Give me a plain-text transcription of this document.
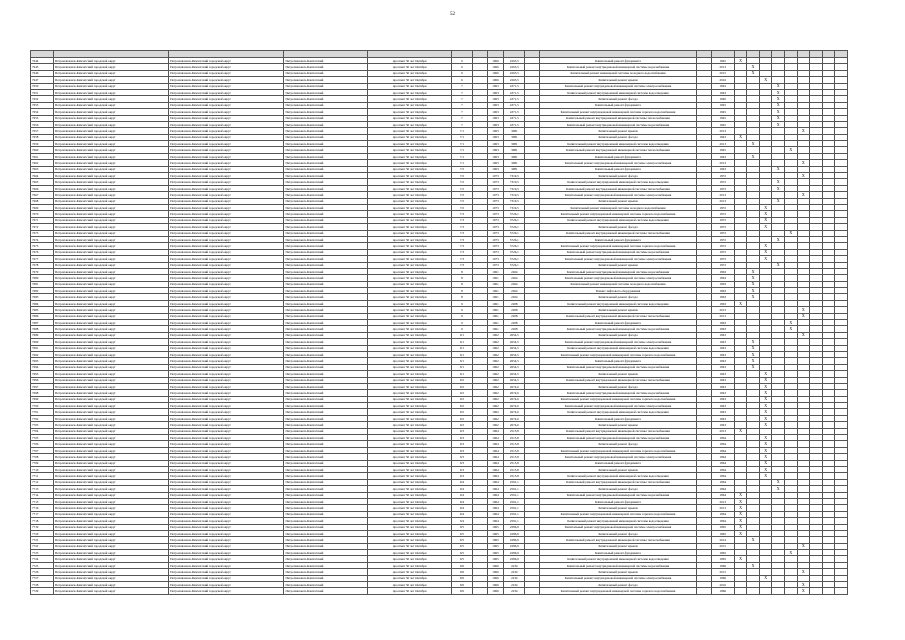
52

7644	Петропавловск-Камчатский городской округ	Петропавловск-Камчатский городской округ	Петропавловск-Камчатский	проспект 50 лет Октября	6		1966	2263,5		Капитальный ремонт фундамента		1845	X								
7645	Петропавловск-Камчатский городской округ	Петропавловск-Камчатский городской округ	Петропавловск-Камчатский	проспект 50 лет Октября	6		1966	2263,5		Капитальный ремонт внутридомовой инженерной системы водоснабжения		2013		X							
7646	Петропавловск-Камчатский городской округ	Петропавловск-Камчатский городской округ	Петропавловск-Камчатский	проспект 50 лет Октября	6		1966	2263,5		Капитальный ремонт инженерной системы холодного водоснабжения		2015		X							
7647	Петропавловск-Камчатский городской округ	Петропавловск-Камчатский городской округ	Петропавловск-Камчатский	проспект 50 лет Октября	6		1966	2263,5		Капитальный ремонт крыши		2016			X						
7650	Петропавловск-Камчатский городской округ	Петропавловск-Камчатский городской округ	Петропавловск-Камчатский	проспект 50 лет Октября	7		1963	4371,5		Капитальный ремонт внутридомовой инженерной системы электроснабжения		1845				X					
7651	Петропавловск-Камчатский городской округ	Петропавловск-Камчатский городской округ	Петропавловск-Камчатский	проспект 50 лет Октября	7		1963	4371,5		Капитальный ремонт внутридомовой инженерной системы водоотведения		1843				X					
7652	Петропавловск-Камчатский городской округ	Петропавловск-Камчатский городской округ	Петропавловск-Камчатский	проспект 50 лет Октября	7		1963	4371,5		Капитальный ремонт фасада		1840				X					
7653	Петропавловск-Камчатский городской округ	Петропавловск-Камчатский городской округ	Петропавловск-Камчатский	проспект 50 лет Октября	7		1963	4371,5		Капитальный ремонт фундамента		1845				X					
7654	Петропавловск-Камчатский городской округ	Петропавловск-Камчатский городской округ	Петропавловск-Камчатский	проспект 50 лет Октября	7		1963	4371,5		Капитальный ремонт внутридомовой инженерной системы горячего водоснабжения		1845				X					
7655	Петропавловск-Камчатский городской округ	Петропавловск-Камчатский городской округ	Петропавловск-Камчатский	проспект 50 лет Октября	7		1963	4371,5		Капитальный ремонт внутридомовой инженерной системы теплоснабжения		1845				X					
7656	Петропавловск-Камчатский городской округ	Петропавловск-Камчатский городской округ	Петропавловск-Камчатский	проспект 50 лет Октября	7		1963	4371,5		Капитальный ремонт внутридомовой инженерной системы водоснабжения		1845				X					
7657	Петропавловск-Камчатский городской округ	Петропавловск-Камчатский городской округ	Петропавловск-Камчатский	проспект 50 лет Октября	7/1		1963	3081		Капитальный ремонт крыши		2013						X			
7658	Петропавловск-Камчатский городской округ	Петропавловск-Камчатский городской округ	Петропавловск-Камчатский	проспект 50 лет Октября	7/1		1963	3081		Капитальный ремонт фасада		1843	X								
7659	Петропавловск-Камчатский городской округ	Петропавловск-Камчатский городской округ	Петропавловск-Камчатский	проспект 50 лет Октября	7/1		1963	3081		Капитальный ремонт внутридомовой инженерной системы водоотведения		2013		X							
7660	Петропавловск-Камчатский городской округ	Петропавловск-Камчатский городской округ	Петропавловск-Камчатский	проспект 50 лет Октября	7/1		1963	3081		Капитальный ремонт внутридомовой инженерной системы теплоснабжения		1845					X				
7661	Петропавловск-Камчатский городской округ	Петропавловск-Камчатский городской округ	Петропавловск-Камчатский	проспект 50 лет Октября	7/1		1963	3081		Капитальный ремонт фундамента		1843		X							
7662	Петропавловск-Камчатский городской округ	Петропавловск-Камчатский городской округ	Петропавловск-Камчатский	проспект 50 лет Октября	7/1		1963	3081		Капитальный ремонт внутридомовой инженерной системы электроснабжения		2013						X			
7663	Петропавловск-Камчатский городской округ	Петропавловск-Камчатский городской округ	Петропавловск-Камчатский	проспект 50 лет Октября	7/2		1963	3081		Капитальный ремонт фундамента		1843				X					
7664	Петропавловск-Камчатский городской округ	Петропавловск-Камчатский городской округ	Петропавловск-Камчатский	проспект 50 лет Октября	7/2		1973	7319,5		Капитальный ремонт фасада		1872						X			
7665	Петропавловск-Камчатский городской округ	Петропавловск-Камчатский городской округ	Петропавловск-Камчатский	проспект 50 лет Октября	7/2		1973	7319,5		Капитальный ремонт внутридомовой инженерной системы водоотведения		1872				X					
7666	Петропавловск-Камчатский городской округ	Петропавловск-Камчатский городской округ	Петропавловск-Камчатский	проспект 50 лет Октября	7/2		1973	7319,5		Капитальный ремонт внутридомовой инженерной системы теплоснабжения		1872				X					
7667	Петропавловск-Камчатский городской округ	Петропавловск-Камчатский городской округ	Петропавловск-Камчатский	проспект 50 лет Октября	7/2		1973	7319,5		Капитальный ремонт внутридомовой инженерной системы электроснабжения		2013						X			
7668	Петропавловск-Камчатский городской округ	Петропавловск-Камчатский городской округ	Петропавловск-Камчатский	проспект 50 лет Октября	7/2		1973	7319,5		Капитальный ремонт крыши		2013				X					
7669	Петропавловск-Камчатский городской округ	Петропавловск-Камчатский городской округ	Петропавловск-Камчатский	проспект 50 лет Октября	7/2		1973	7319,5		Капитальный ремонт инженерной системы холодного водоснабжения		1872			X						
7670	Петропавловск-Камчатский городской округ	Петропавловск-Камчатский городской округ	Петропавловск-Камчатский	проспект 50 лет Октября	7/3		1973	5726,1		Капитальный ремонт внутридомовой инженерной системы горячего водоснабжения		1872			X						
7671	Петропавловск-Камчатский городской округ	Петропавловск-Камчатский городской округ	Петропавловск-Камчатский	проспект 50 лет Октября	7/3		1973	5726,1		Капитальный ремонт внутридомовой инженерной системы водоотведения		1872			X						
7672	Петропавловск-Камчатский городской округ	Петропавловск-Камчатский городской округ	Петропавловск-Камчатский	проспект 50 лет Октября	7/3		1973	5726,1		Капитальный ремонт фасада		1872			X						
7673	Петропавловск-Камчатский городской округ	Петропавловск-Камчатский городской округ	Петропавловск-Камчатский	проспект 50 лет Октября	7/3		1973	5726,1		Капитальный ремонт внутридомовой инженерной системы теплоснабжения		1872					X				
7674	Петропавловск-Камчатский городской округ	Петропавловск-Камчатский городской округ	Петропавловск-Камчатский	проспект 50 лет Октября	7/3		1973	5726,1		Капитальный ремонт фундамента		1872				X					
7675	Петропавловск-Камчатский городской округ	Петропавловск-Камчатский городской округ	Петропавловск-Камчатский	проспект 50 лет Октября	7/3		1973	5726,1		Капитальный ремонт внутридомовой инженерной системы горячего водоснабжения		1872			X						
7676	Петропавловск-Камчатский городской округ	Петропавловск-Камчатский городской округ	Петропавловск-Камчатский	проспект 50 лет Октября	7/3		1973	5726,1		Капитальный ремонт внутридомовой инженерной системы водоснабжения		1872			X						
7677	Петропавловск-Камчатский городской округ	Петропавловск-Камчатский городской округ	Петропавловск-Камчатский	проспект 50 лет Октября	7/3		1973	5726,1		Капитальный ремонт внутридомовой инженерной системы электроснабжения		1872			X						
7678	Петропавловск-Камчатский городской округ	Петропавловск-Камчатский городской округ	Петропавловск-Камчатский	проспект 50 лет Октября	7/3		1973	5726,1		Капитальный ремонт крыши		1872				X					
7679	Петропавловск-Камчатский городской округ	Петропавловск-Камчатский городской округ	Петропавловск-Камчатский	проспект 50 лет Октября	8		1961	2264		Капитальный ремонт внутридомовой инженерной системы водоснабжения		1863		X							
7680	Петропавловск-Камчатский городской округ	Петропавловск-Камчатский городской округ	Петропавловск-Камчатский	проспект 50 лет Октября	8		1961	2264		Капитальный ремонт внутридомовой инженерной системы электроснабжения		1863		X							
7681	Петропавловск-Камчатский городской округ	Петропавловск-Камчатский городской округ	Петропавловск-Камчатский	проспект 50 лет Октября	8		1961	2264		Капитальный ремонт инженерной системы холодного водоснабжения		1863		X							
7682	Петропавловск-Камчатский городской округ	Петропавловск-Камчатский городской округ	Петропавловск-Камчатский	проспект 50 лет Октября	8		1961	2264		Ремонт лифтового оборудования		1863		X							
7683	Петропавловск-Камчатский городской округ	Петропавловск-Камчатский городской округ	Петропавловск-Камчатский	проспект 50 лет Октября	8		1961	2264		Капитальный ремонт фасада		1863		X							
7684	Петропавловск-Камчатский городской округ	Петропавловск-Камчатский городской округ	Петропавловск-Камчатский	проспект 50 лет Октября	9		1961	2208		Капитальный ремонт внутридомовой инженерной системы водоотведения		1863	X								
7685	Петропавловск-Камчатский городской округ	Петропавловск-Камчатский городской округ	Петропавловск-Камчатский	проспект 50 лет Октября	9		1961	2208		Капитальный ремонт крыши		2013						X			
7686	Петропавловск-Камчатский городской округ	Петропавловск-Камчатский городской округ	Петропавловск-Камчатский	проспект 50 лет Октября	9		1961	2208		Капитальный ремонт внутридомовой инженерной системы теплоснабжения		2013						X			
7687	Петропавловск-Камчатский городской округ	Петропавловск-Камчатский городской округ	Петропавловск-Камчатский	проспект 50 лет Октября	9		1961	2208		Капитальный ремонт фундамента		1863					X				
7688	Петропавловск-Камчатский городской округ	Петропавловск-Камчатский городской округ	Петропавловск-Камчатский	проспект 50 лет Октября	9		1961	2208		Капитальный ремонт внутридомовой инженерной системы водоснабжения		1863					X				
7689	Петропавловск-Камчатский городской округ	Петропавловск-Камчатский городской округ	Петропавловск-Камчатский	проспект 50 лет Октября	9/1		1962	2654,5		Капитальный ремонт фасада		1843						X			
7690	Петропавловск-Камчатский городской округ	Петропавловск-Камчатский городской округ	Петропавловск-Камчатский	проспект 50 лет Октября	9/1		1962	2654,5		Капитальный ремонт внутридомовой инженерной системы электроснабжения		1843		X							
7691	Петропавловск-Камчатский городской округ	Петропавловск-Камчатский городской округ	Петропавловск-Камчатский	проспект 50 лет Октября	9/1		1962	2654,5		Капитальный ремонт внутридомовой инженерной системы водоотведения		1843		X							
7692	Петропавловск-Камчатский городской округ	Петропавловск-Камчатский городской округ	Петропавловск-Камчатский	проспект 50 лет Октября	9/1		1962	2654,5		Капитальный ремонт внутридомовой инженерной системы горячего водоснабжения		1843		X							
7693	Петропавловск-Камчатский городской округ	Петропавловск-Камчатский городской округ	Петропавловск-Камчатский	проспект 50 лет Октября	9/1		1962	2654,5		Капитальный ремонт фундамента		1843		X							
7694	Петропавловск-Камчатский городской округ	Петропавловск-Камчатский городской округ	Петропавловск-Камчатский	проспект 50 лет Октября	9/1		1962	2654,5		Капитальный ремонт внутридомовой инженерной системы водоснабжения		1843		X							
7695	Петропавловск-Камчатский городской округ	Петропавловск-Камчатский городской округ	Петропавловск-Камчатский	проспект 50 лет Октября	9/1		1962	2654,5		Капитальный ремонт крыши		1843			X						
7696	Петропавловск-Камчатский городской округ	Петропавловск-Камчатский городской округ	Петропавловск-Камчатский	проспект 50 лет Октября	9/2		1962	2654,5		Капитальный ремонт внутридомовой инженерной системы теплоснабжения		1843			X						
7697	Петропавловск-Камчатский городской округ	Петропавловск-Камчатский городской округ	Петропавловск-Камчатский	проспект 50 лет Октября	9/2		1962	2674,6		Капитальный ремонт фасада		1843			X						
7698	Петропавловск-Камчатский городской округ	Петропавловск-Камчатский городской округ	Петропавловск-Камчатский	проспект 50 лет Октября	9/2		1962	2674,6		Капитальный ремонт внутридомовой инженерной системы водоснабжения		1843			X						
7699	Петропавловск-Камчатский городской округ	Петропавловск-Камчатский городской округ	Петропавловск-Камчатский	проспект 50 лет Октября	9/2		1962	2674,6		Капитальный ремонт внутридомовой инженерной системы горячего водоснабжения		1843			X						
7700	Петропавловск-Камчатский городской округ	Петропавловск-Камчатский городской округ	Петропавловск-Камчатский	проспект 50 лет Октября	9/2		1962	2674,6		Капитальный ремонт внутридомовой инженерной системы электроснабжения		1843			X						
7701	Петропавловск-Камчатский городской округ	Петропавловск-Камчатский городской округ	Петропавловск-Камчатский	проспект 50 лет Октября	9/2		1962	2674,6		Капитальный ремонт внутридомовой инженерной системы водоотведения		1843			X						
7702	Петропавловск-Камчатский городской округ	Петропавловск-Камчатский городской округ	Петропавловск-Камчатский	проспект 50 лет Октября	9/2		1962	2674,6		Капитальный ремонт фундамента		1843			X						
7703	Петропавловск-Камчатский городской округ	Петропавловск-Камчатский городской округ	Петропавловск-Камчатский	проспект 50 лет Октября	9/2		1962	2674,6		Капитальный ремонт крыши		1843			X						
7704	Петропавловск-Камчатский городской округ	Петропавловск-Камчатский городской округ	Петропавловск-Камчатский	проспект 50 лет Октября	9/3		1964	2515,8		Капитальный ремонт внутридомовой инженерной системы теплоснабжения		2013	X								
7705	Петропавловск-Камчатский городской округ	Петропавловск-Камчатский городской округ	Петропавловск-Камчатский	проспект 50 лет Октября	9/3		1964	2515,8		Капитальный ремонт внутридомовой инженерной системы водоснабжения		1864			X						
7706	Петропавловск-Камчатский городской округ	Петропавловск-Камчатский городской округ	Петропавловск-Камчатский	проспект 50 лет Октября	9/3		1964	2515,8		Капитальный ремонт фасада		1864			X						
7707	Петропавловск-Камчатский городской округ	Петропавловск-Камчатский городской округ	Петропавловск-Камчатский	проспект 50 лет Октября	9/3		1964	2515,8		Капитальный ремонт внутридомовой инженерной системы горячего водоснабжения		1864			X						
7708	Петропавловск-Камчатский городской округ	Петропавловск-Камчатский городской округ	Петропавловск-Камчатский	проспект 50 лет Октября	9/3		1964	2515,8		Капитальный ремонт внутридомовой инженерной системы электроснабжения		1864			X						
7709	Петропавловск-Камчатский городской округ	Петропавловск-Камчатский городской округ	Петропавловск-Камчатский	проспект 50 лет Октября	9/3		1964	2515,8		Капитальный ремонт фундамента		1864			X						
7710	Петропавловск-Камчатский городской округ	Петропавловск-Камчатский городской округ	Петропавловск-Камчатский	проспект 50 лет Октября	9/3		1964	2515,8		Капитальный ремонт крыши		1864			X						
7711	Петропавловск-Камчатский городской округ	Петропавловск-Камчатский городской округ	Петропавловск-Камчатский	проспект 50 лет Октября	9/3		1964	2515,8		Капитальный ремонт внутридомовой инженерной системы водоотведения		1864			X						
7712	Петропавловск-Камчатский городской округ	Петропавловск-Камчатский городской округ	Петропавловск-Камчатский	проспект 50 лет Октября	9/4		1964	2591,1		Капитальный ремонт внутридомовой инженерной системы теплоснабжения		1864				X					
7713	Петропавловск-Камчатский городской округ	Петропавловск-Камчатский городской округ	Петропавловск-Камчатский	проспект 50 лет Октября	9/4		1964	2591,1		Капитальный ремонт фасада		1864				X					
7714	Петропавловск-Камчатский городской округ	Петропавловск-Камчатский городской округ	Петропавловск-Камчатский	проспект 50 лет Октября	9/4		1964	2591,1		Капитальный ремонт внутридомовой инженерной системы водоснабжения		1864	X								
7715	Петропавловск-Камчатский городской округ	Петропавловск-Камчатский городской округ	Петропавловск-Камчатский	проспект 50 лет Октября	9/4		1964	2591,1		Капитальный ремонт фундамента		2013	X								
7716	Петропавловск-Камчатский городской округ	Петропавловск-Камчатский городской округ	Петропавловск-Камчатский	проспект 50 лет Октября	9/4		1964	2591,1		Капитальный ремонт крыши		2013	X								
7717	Петропавловск-Камчатский городской округ	Петропавловск-Камчатский городской округ	Петропавловск-Камчатский	проспект 50 лет Октября	9/4		1964	2591,1		Капитальный ремонт внутридомовой инженерной системы горячего водоснабжения		1864	X								
7718	Петропавловск-Камчатский городской округ	Петропавловск-Камчатский городской округ	Петропавловск-Камчатский	проспект 50 лет Октября	9/4		1964	2591,1		Капитальный ремонт внутридомовой инженерной системы водоотведения		1864	X								
7719	Петропавловск-Камчатский городской округ	Петропавловск-Камчатский городской округ	Петропавловск-Камчатский	проспект 50 лет Октября	9/5		1965	2286,9		Капитальный ремонт внутридомовой инженерной системы электроснабжения		1865	X								
7720	Петропавловск-Камчатский городской округ	Петропавловск-Камчатский городской округ	Петропавловск-Камчатский	проспект 50 лет Октября	9/5		1965	2286,9		Капитальный ремонт фасада		1865	X								
7721	Петропавловск-Камчатский городской округ	Петропавловск-Камчатский городской округ	Петропавловск-Камчатский	проспект 50 лет Октября	9/5		1965	2286,9		Капитальный ремонт внутридомовой инженерной системы теплоснабжения		2014		X							
7722	Петропавловск-Камчатский городской округ	Петропавловск-Камчатский городской округ	Петропавловск-Камчатский	проспект 50 лет Октября	9/5		1965	2286,9		Капитальный ремонт крыши		2015						X			
7723	Петропавловск-Камчатский городской округ	Петропавловск-Камчатский городской округ	Петропавловск-Камчатский	проспект 50 лет Октября	9/5		1965	2286,9		Капитальный ремонт фундамента		1865					X				
7724	Петропавловск-Камчатский городской округ	Петропавловск-Камчатский городской округ	Петропавловск-Камчатский	проспект 50 лет Октября	9/5		1965	2286,9		Капитальный ремонт внутридомовой инженерной системы водоотведения		1865	X								
7725	Петропавловск-Камчатский городской округ	Петропавловск-Камчатский городской округ	Петропавловск-Камчатский	проспект 50 лет Октября	9/6		1966	2234		Капитальный ремонт внутридомовой инженерной системы водоснабжения		1866		X							
7726	Петропавловск-Камчатский городской округ	Петропавловск-Камчатский городской округ	Петропавловск-Камчатский	проспект 50 лет Октября	9/6		1966	2234		Капитальный ремонт крыши		2015						X			
7727	Петропавловск-Камчатский городской округ	Петропавловск-Камчатский городской округ	Петропавловск-Камчатский	проспект 50 лет Октября	9/6		1966	2234		Капитальный ремонт внутридомовой инженерной системы электроснабжения		1866			X						
7728	Петропавловск-Камчатский городской округ	Петропавловск-Камчатский городской округ	Петропавловск-Камчатский	проспект 50 лет Октября	9/6		1966	2234		Капитальный ремонт фасада		2016						X			
7729	Петропавловск-Камчатский городской округ	Петропавловск-Камчатский городской округ	Петропавловск-Камчатский	проспект 50 лет Октября	9/6		1966	2234		Капитальный ремонт внутридомовой инженерной системы горячего водоснабжения		1866						X			
